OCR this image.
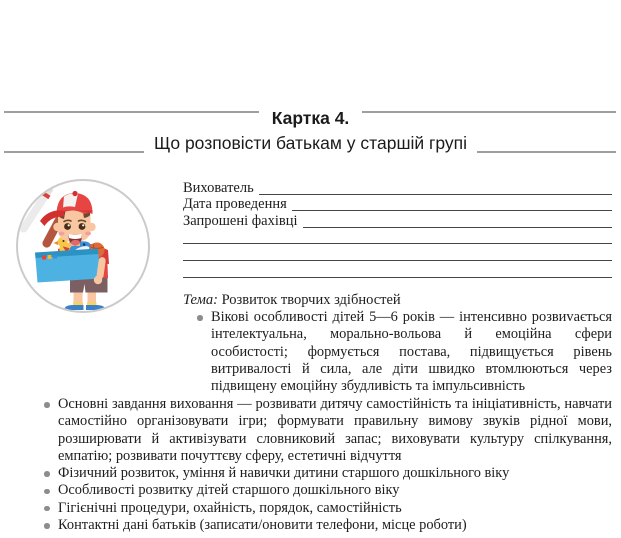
Картка 4.
Що розповісти батькам у старшій групі
Вихователь
Дата проведення
Запрошені фахівці
Тема: Розвиток творчих здібностей
Вікові особливості дітей 5—6 років — інтенсивно розвиvається інтелектуальна, морально-вольова й емоційна сфери особистості; формується постава, підвищується рівень витривалості й сила, але діти швидко втомлюються через підвищену емоційну збудливість та імпульсивність
Основні завдання виховання — розвивати дитячу самостійність та ініціативність, навчати самостійно організовувати ігри; формувати правильну вимову звуків рідної мови, розширювати й активізувати словниковий запас; виховувати культуру спілкування, емпатію; розвивати почуттєву сферу, естетичні відчуття
Фізичний розвиток, уміння й навички дитини старшого дошкільного віку
Особливості розвитку дітей старшого дошкільного віку
Гігієнічні процедури, охайність, порядок, самостійність
Контактні дані батьків (записати/оновити телефони, місце роботи)
